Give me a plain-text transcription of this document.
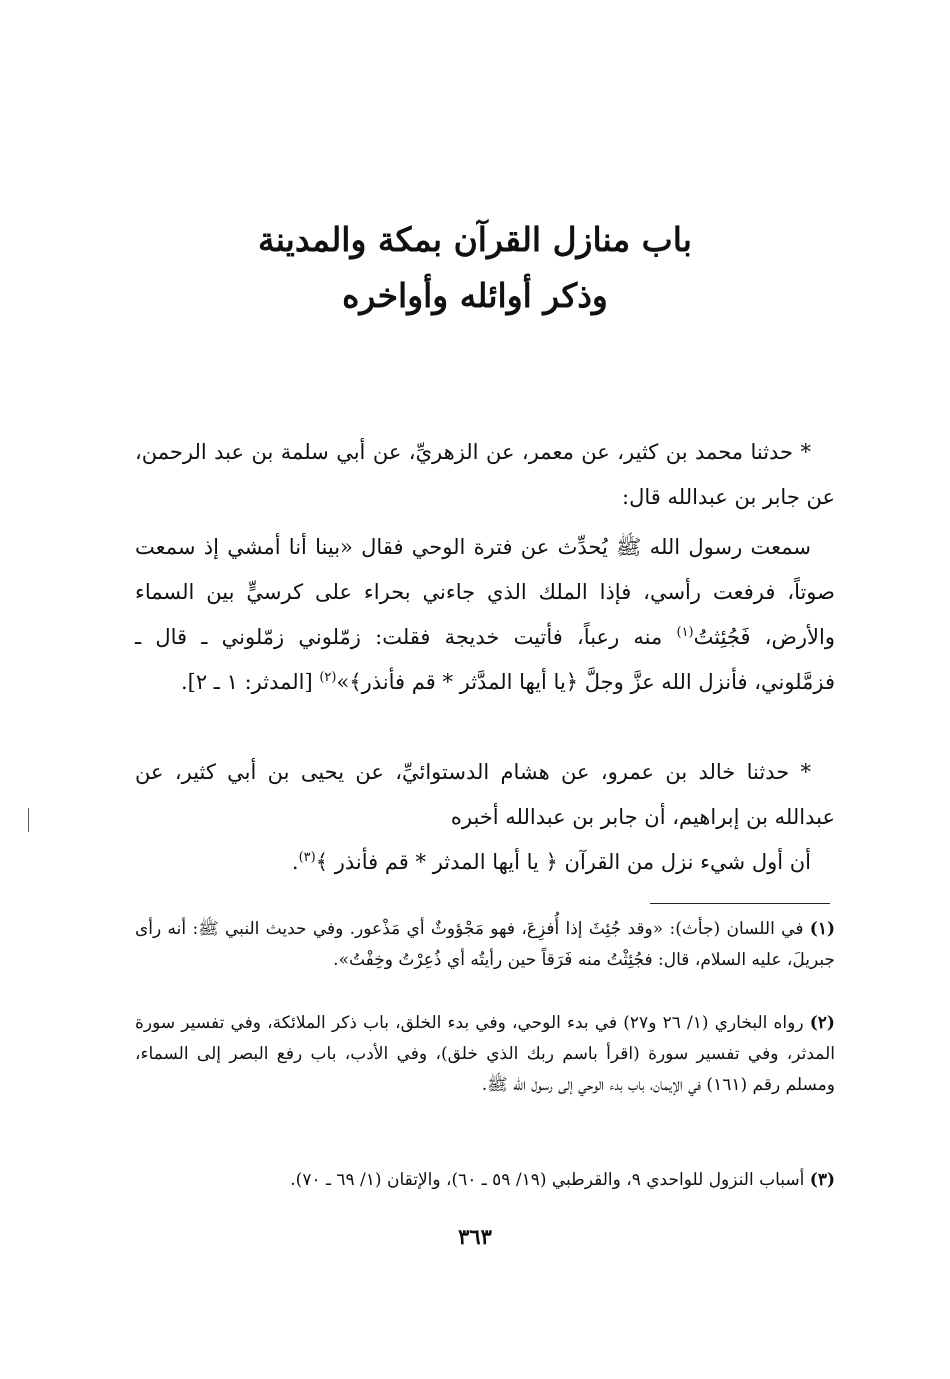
باب منازل القرآن بمكة والمدينة
وذكر أوائله وأواخره

* حدثنا محمد بن كثير، عن معمر، عن الزهريِّ، عن أبي سلمة بن عبد الرحمن، عن جابر بن عبدالله قال:

سمعت رسول الله ﷺ يُحدِّث عن فترة الوحي فقال «بينا أنا أمشي إذ سمعت صوتاً، فرفعت رأسي، فإذا الملك الذي جاءني بحراء على كرسيٍّ بين السماء والأرض، فَجُئِثتُ$^{(١)}$ منه رعباً، فأتيت خديجة فقلت: زمّلوني زمّلوني ـ قال ـ فزمَّلوني، فأنزل الله عزَّ وجلَّ ﴿يا أيها المدَّثر * قم فأنذر﴾»$^{(٢)}$ [المدثر: ١ ـ ٢].

* حدثنا خالد بن عمرو، عن هشام الدستوائيِّ، عن يحيى بن أبي كثير، عن عبدالله بن إبراهيم، أن جابر بن عبدالله أخبره

أن أول شيء نزل من القرآن ﴿ يا أيها المدثر * قم فأنذر ﴾$^{(٣)}$.

(١) في اللسان (جأث): «وقد جُئِثَ إذا أُفزِعَ، فهو مَجْؤوثٌ أي مَذْعور. وفي حديث النبي ﷺ: أنه رأى جبريلَ، عليه السلام، قال: فجُئِثْتُ منه فَرَقاً حين رأيتُه أي ذُعِرْتُ وخِفْتُ».

(٢) رواه البخاري (١/ ٢٦ و٢٧) في بدء الوحي، وفي بدء الخلق، باب ذكر الملائكة، وفي تفسير سورة المدثر، وفي تفسير سورة (اقرأ باسم ربك الذي خلق)، وفي الأدب، باب رفع البصر إلى السماء، ومسلم رقم (١٦١) في الإيمان، باب بدء الوحي إلى رسول الله ﷺ.

(٣) أسباب النزول للواحدي ٩، والقرطبي (١٩/ ٥٩ ـ ٦٠)، والإتقان (١/ ٦٩ ـ ٧٠).

٣٦٣
